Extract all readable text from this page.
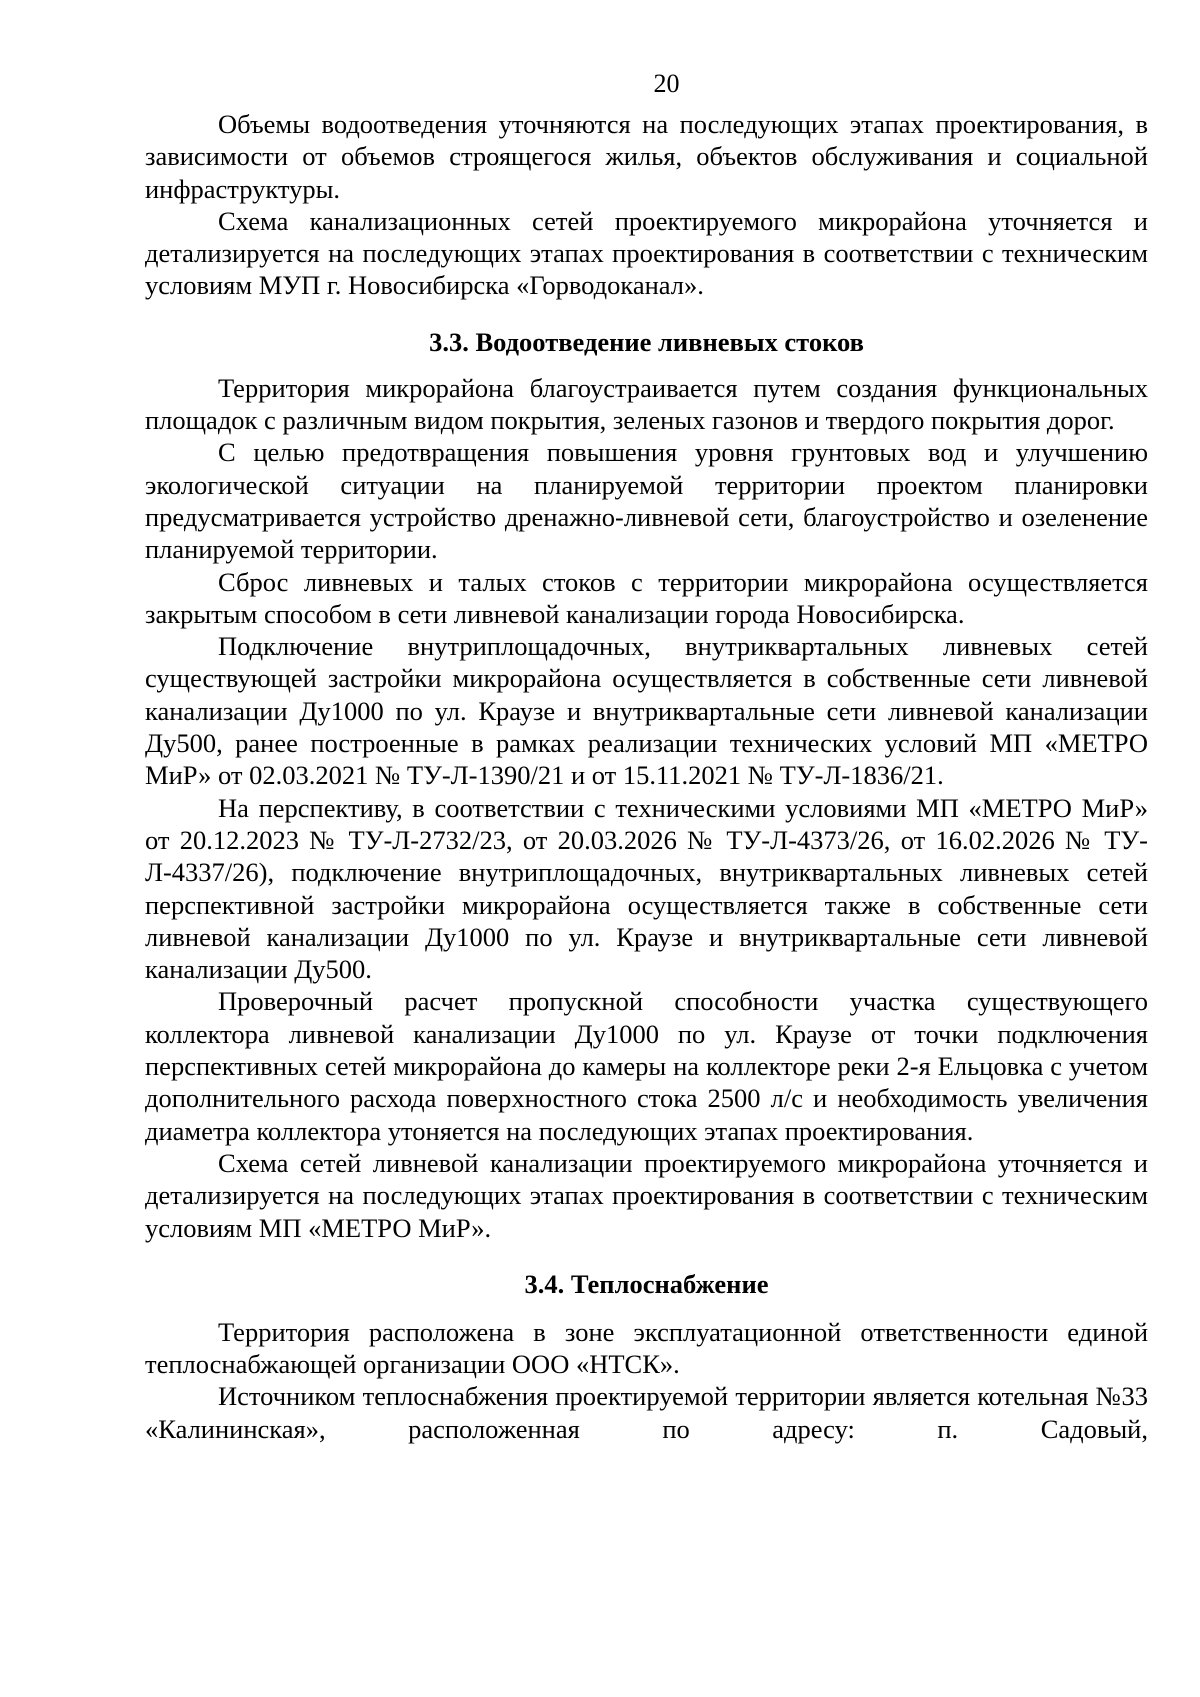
20

Объемы водоотведения уточняются на последующих этапах проектирования, в зависимости от объемов строящегося жилья, объектов обслуживания и социальной инфраструктуры.

Схема канализационных сетей проектируемого микрорайона уточняется и детализируется на последующих этапах проектирования в соответствии с техническим условиям МУП г. Новосибирска «Горводоканал».

3.3. Водоотведение ливневых стоков

Территория микрорайона благоустраивается путем создания функциональных площадок с различным видом покрытия, зеленых газонов и твердого покрытия дорог.

С целью предотвращения повышения уровня грунтовых вод и улучшению экологической ситуации на планируемой территории проектом планировки предусматривается устройство дренажно-ливневой сети, благоустройство и озеленение планируемой территории.

Сброс ливневых и талых стоков с территории микрорайона осуществляется закрытым способом в сети ливневой канализации города Новосибирска.

Подключение внутриплощадочных, внутриквартальных ливневых сетей существующей застройки микрорайона осуществляется в собственные сети ливневой канализации Ду1000 по ул. Краузе и внутриквартальные сети ливневой канализации Ду500, ранее построенные в рамках реализации технических условий МП «МЕТРО МиР» от 02.03.2021 № ТУ-Л-1390/21 и от 15.11.2021 № ТУ-Л-1836/21.

На перспективу, в соответствии с техническими условиями МП «МЕТРО МиР» от 20.12.2023 № ТУ-Л-2732/23, от 20.03.2026 № ТУ-Л-4373/26, от 16.02.2026 № ТУ-Л-4337/26), подключение внутриплощадочных, внутриквартальных ливневых сетей перспективной застройки микрорайона осуществляется также в собственные сети ливневой канализации Ду1000 по ул. Краузе и внутриквартальные сети ливневой канализации Ду500.

Проверочный расчет пропускной способности участка существующего коллектора ливневой канализации Ду1000 по ул. Краузе от точки подключения перспективных сетей микрорайона до камеры на коллекторе реки 2-я Ельцовка с учетом дополнительного расхода поверхностного стока 2500 л/с и необходимость увеличения диаметра коллектора утоняется на последующих этапах проектирования.

Схема сетей ливневой канализации проектируемого микрорайона уточняется и детализируется на последующих этапах проектирования в соответствии с техническим условиям МП «МЕТРО МиР».

3.4. Теплоснабжение

Территория расположена в зоне эксплуатационной ответственности единой теплоснабжающей организации ООО «НТСК».

Источником теплоснабжения проектируемой территории является котельная №33 «Калининская», расположенная по адресу: п. Садовый,
